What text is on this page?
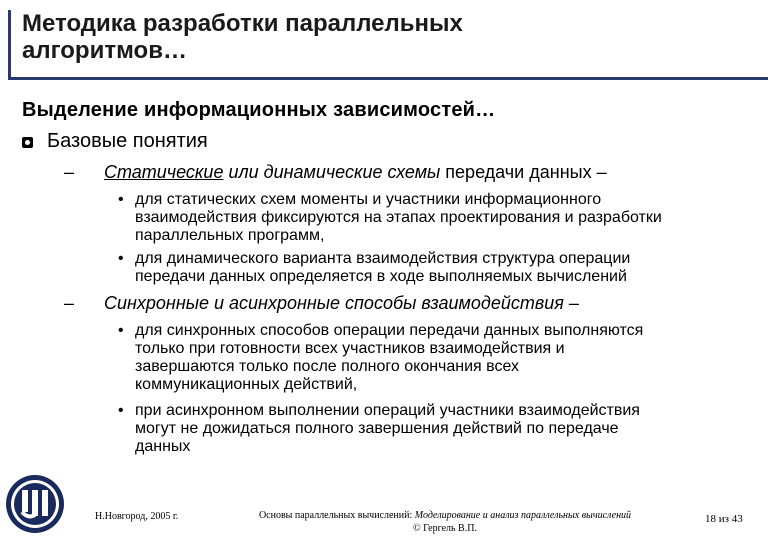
Методика разработки параллельных
алгоритмов…
Выделение информационных зависимостей…
Базовые понятия
–	Статические или динамические схемы передачи данных –
• для статических схем моменты и участники информационного
взаимодействия фиксируются на этапах проектирования и разработки
параллельных программ,
• для динамического варианта взаимодействия структура операции
передачи данных определяется в ходе выполняемых вычислений
–	Синхронные и асинхронные способы взаимодействия –
• для синхронных способов операции передачи данных выполняются
только при готовности всех участников взаимодействия и
завершаются только после полного окончания всех
коммуникационных действий,
• при асинхронном выполнении операций участники взаимодействия
могут не дожидаться полного завершения действий по передаче
данных
Н.Новгород, 2005 г.	Основы параллельных вычислений: Моделирование и анализ параллельных вычислений
© Гергель В.П.
18 из 43
